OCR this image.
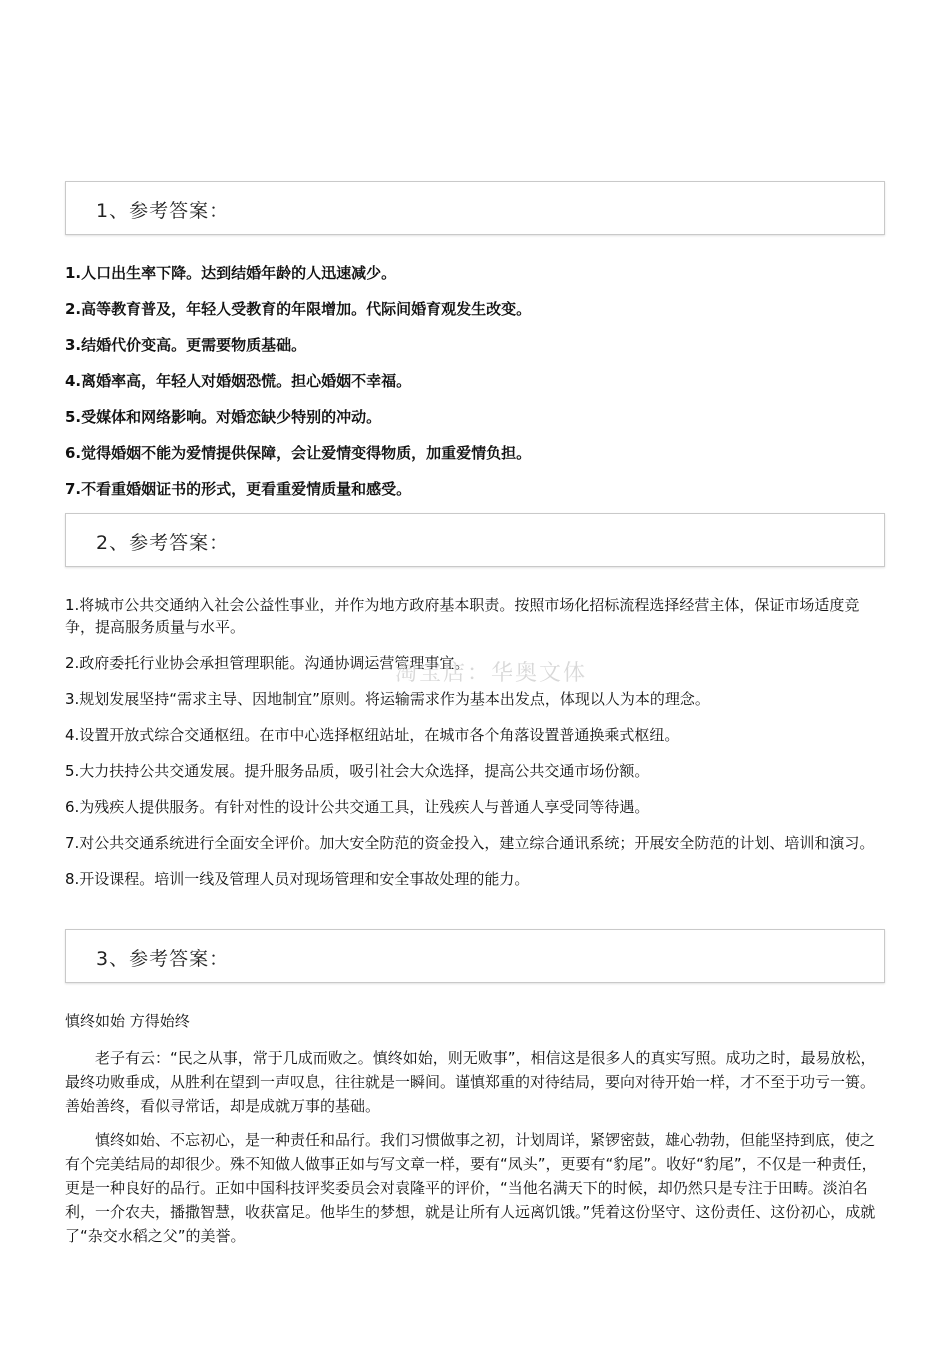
1、参考答案：

1.人口出生率下降。达到结婚年龄的人迅速减少。

2.高等教育普及，年轻人受教育的年限增加。代际间婚育观发生改变。

3.结婚代价变高。更需要物质基础。

4.离婚率高，年轻人对婚姻恐慌。担心婚姻不幸福。

5.受媒体和网络影响。对婚恋缺少特别的冲动。

6.觉得婚姻不能为爱情提供保障，会让爱情变得物质，加重爱情负担。

7.不看重婚姻证书的形式，更看重爱情质量和感受。

2、参考答案：

1.将城市公共交通纳入社会公益性事业，并作为地方政府基本职责。按照市场化招标流程选择经营主体，保证市场适度竞争，提高服务质量与水平。

2.政府委托行业协会承担管理职能。沟通协调运营管理事宜。

3.规划发展坚持“需求主导、因地制宜”原则。将运输需求作为基本出发点，体现以人为本的理念。

4.设置开放式综合交通枢纽。在市中心选择枢纽站址，在城市各个角落设置普通换乘式枢纽。

5.大力扶持公共交通发展。提升服务品质，吸引社会大众选择，提高公共交通市场份额。

6.为残疾人提供服务。有针对性的设计公共交通工具，让残疾人与普通人享受同等待遇。

7.对公共交通系统进行全面安全评价。加大安全防范的资金投入，建立综合通讯系统；开展安全防范的计划、培训和演习。

8.开设课程。培训一线及管理人员对现场管理和安全事故处理的能力。

3、参考答案：

慎终如始 方得始终

老子有云：“民之从事，常于几成而败之。慎终如始，则无败事”，相信这是很多人的真实写照。成功之时，最易放松，最终功败垂成，从胜利在望到一声叹息，往往就是一瞬间。谨慎郑重的对待结局，要向对待开始一样，才不至于功亏一篑。善始善终，看似寻常话，却是成就万事的基础。

慎终如始、不忘初心，是一种责任和品行。我们习惯做事之初，计划周详，紧锣密鼓，雄心勃勃，但能坚持到底，使之有个完美结局的却很少。殊不知做人做事正如与写文章一样，要有“凤头”，更要有“豹尾”。收好“豹尾”，不仅是一种责任，更是一种良好的品行。正如中国科技评奖委员会对袁隆平的评价，“当他名满天下的时候，却仍然只是专注于田畴。淡泊名利，一介农夫，播撒智慧，收获富足。他毕生的梦想，就是让所有人远离饥饿。”凭着这份坚守、这份责任、这份初心，成就了“杂交水稻之父”的美誉。

淘宝店：华奥文体
